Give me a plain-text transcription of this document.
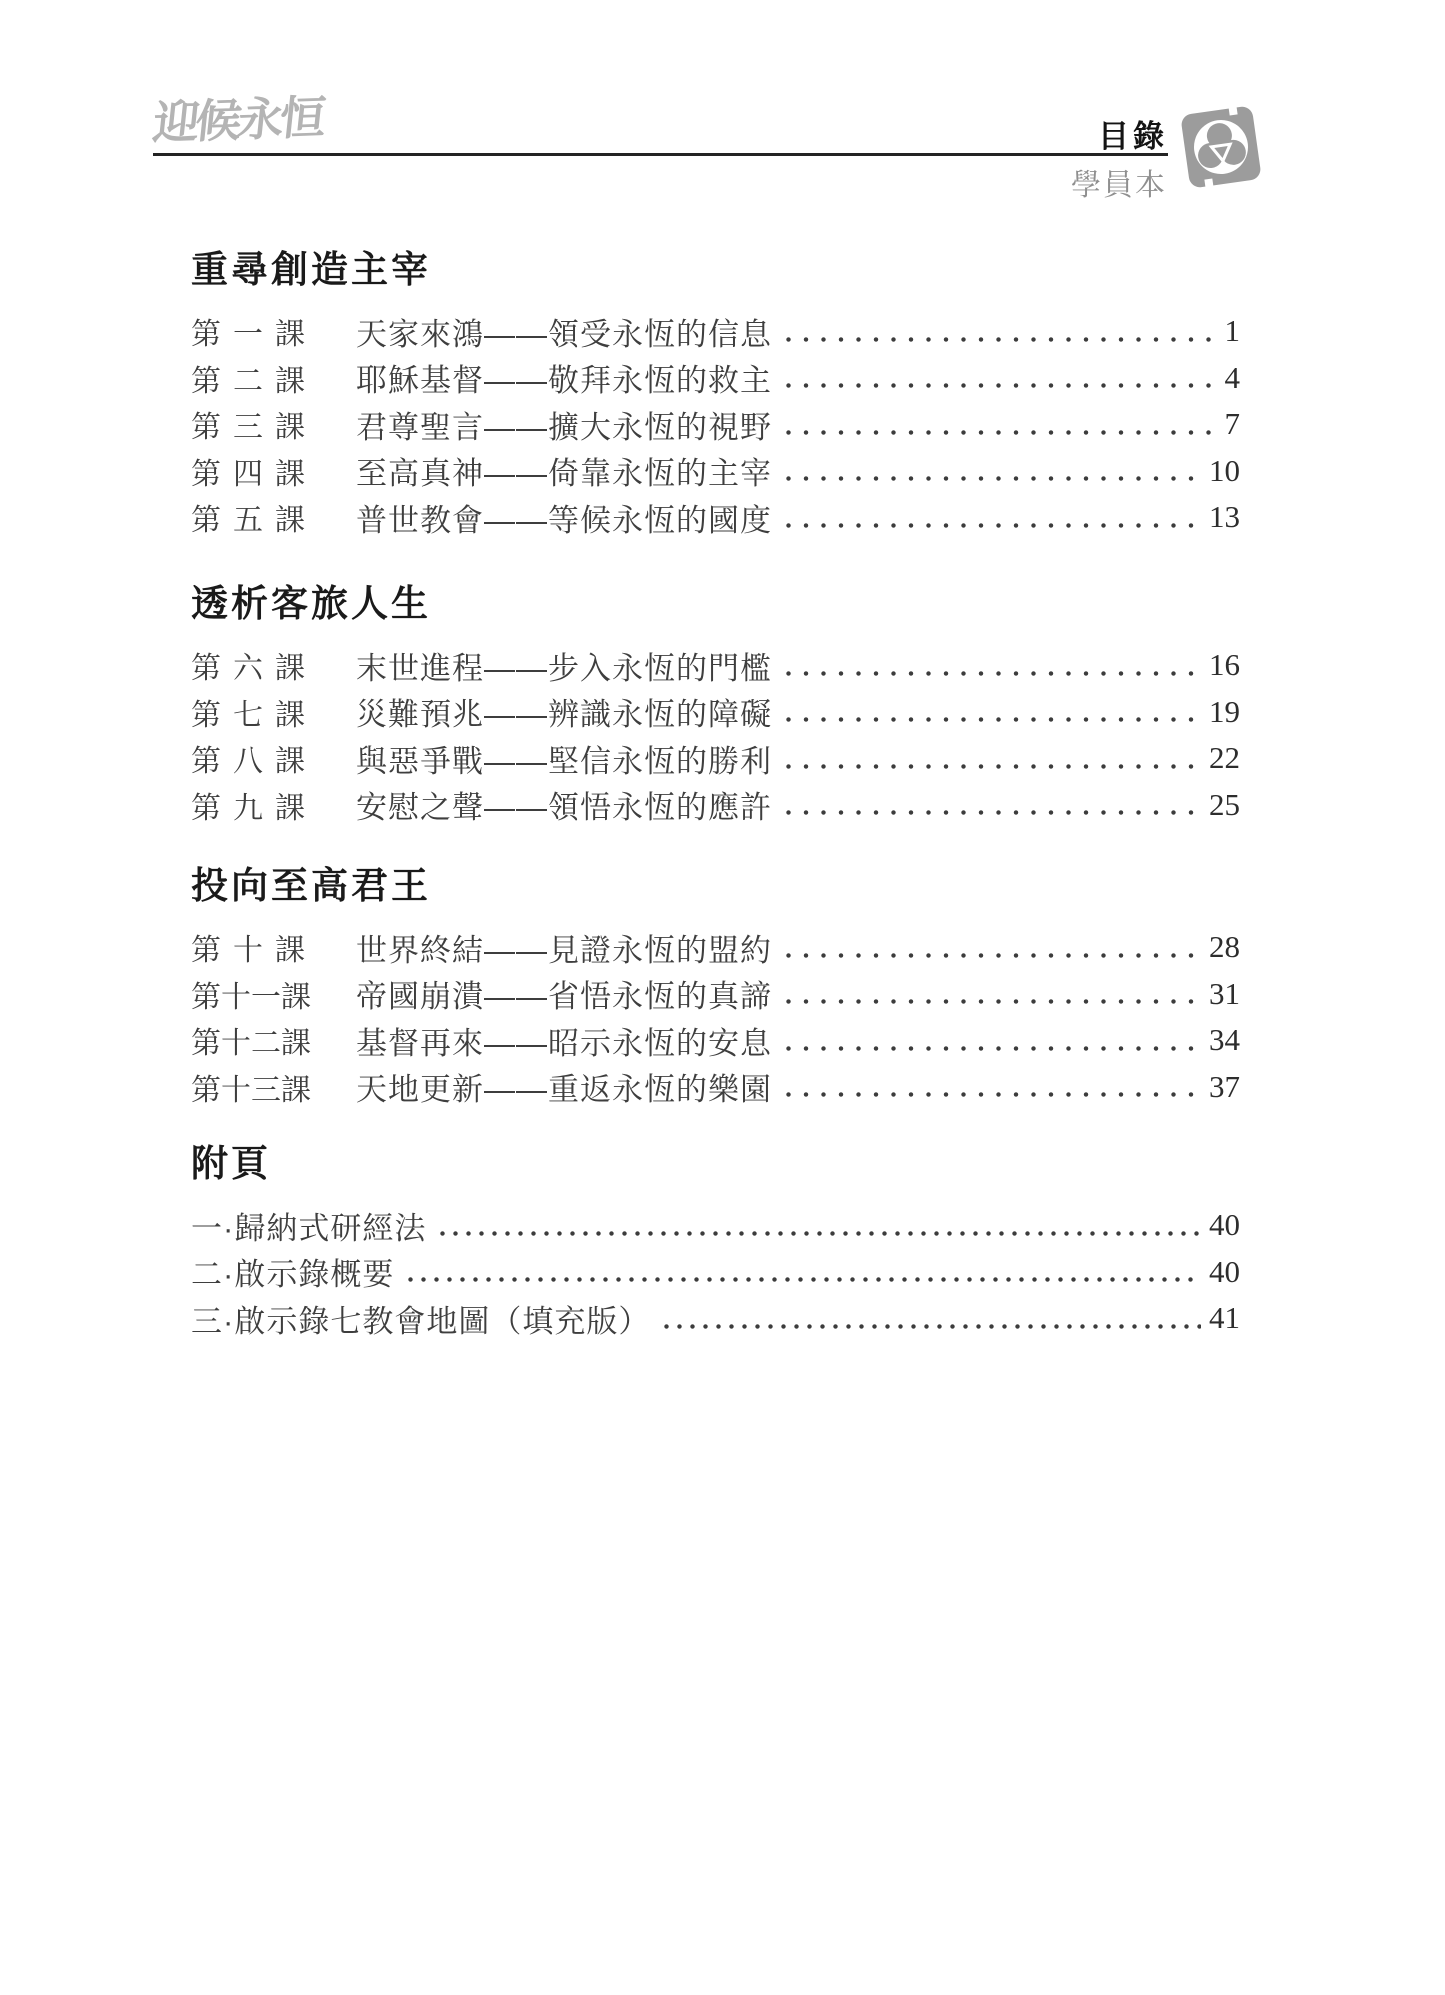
迎候永恒	目錄
學員本
重尋創造主宰
第 一 課 天家來鴻——領受永恆的信息	1
第 二 課 耶穌基督——敬拜永恆的救主	4
第 三 課 君尊聖言——擴大永恆的視野	7
第 四 課 至高真神——倚靠永恆的主宰	10
第 五 課 普世教會——等候永恆的國度	13
透析客旅人生
第 六 課 末世進程——步入永恆的門檻	16
第 七 課 災難預兆——辨識永恆的障礙	19
第 八 課 與惡爭戰——堅信永恆的勝利	22
第 九 課 安慰之聲——領悟永恆的應許	25
投向至高君王
第 十 課 世界終結——見證永恆的盟約	28
第 十 一 課 帝國崩潰——省悟永恆的真諦	31
第 十 二 課 基督再來——昭示永恆的安息	34
第 十 三 課 天地更新——重返永恆的樂園	37
附頁
一·歸納式研經法	40
二·啟示錄概要	40
三·啟示錄七教會地圖（填充版）	41
